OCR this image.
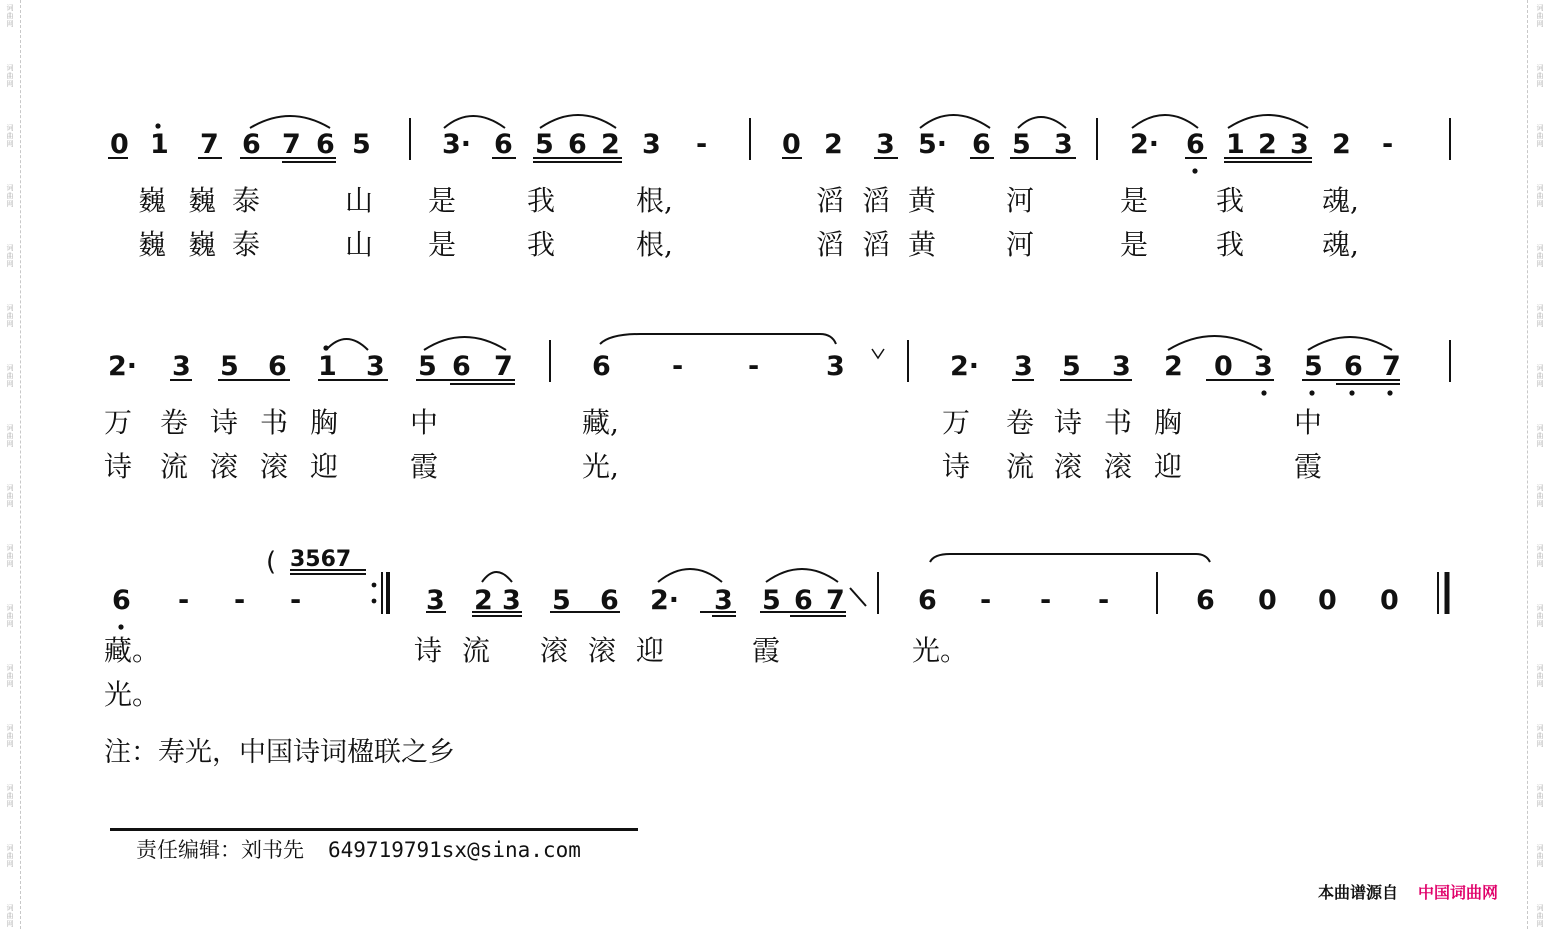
词
曲
网
词
曲
网
词
曲
网
词
曲
网
词
曲
网
词
曲
网
词
曲
网
词
曲
网
词
曲
网
词
曲
网
词
曲
网
词
曲
网
词
曲
网
词
曲
网
词
曲
网
词
曲
网
词
曲
网
词
曲
网
词
曲
网
词
曲
网
词
曲
网
词
曲
网
词
曲
网
词
曲
网
词
曲
网
词
曲
网
词
曲
网
词
曲
网
词
曲
网
词
曲
网
词
曲
网
词
曲
网
0 1 7 6 7 6 5	3· 6 5 6 2 3 -	0 2 3 5· 6 5 3 2· 6 1 2 3 2 -
巍 巍 泰	山 是	我	根,	滔 滔 黄 河	是 我	魂,
巍 巍 泰	山 是	我	根,	滔 滔 黄 河	是 我	魂,
2· 3 5 6 1 3 5 6 7	6 - - 3	2· 3 5 3 2 0 3 5 6 7
万 卷 诗 书 胸	中	藏,	万 卷 诗 书 胸	中
诗 流 滚 滚 迎	霞	光,	诗 流 滚 滚 迎	霞
( 3567
6 - - -	3 2 3 5 6 2· 3 5 6 7	6 - - -	6 0 0 0
藏。	诗 流 滚 滚 迎	霞	光。
光。
注：寿光，中国诗词楹联之乡
责任编辑：刘书先 649719791sx@sina.com
本曲谱源自 中国词曲网
